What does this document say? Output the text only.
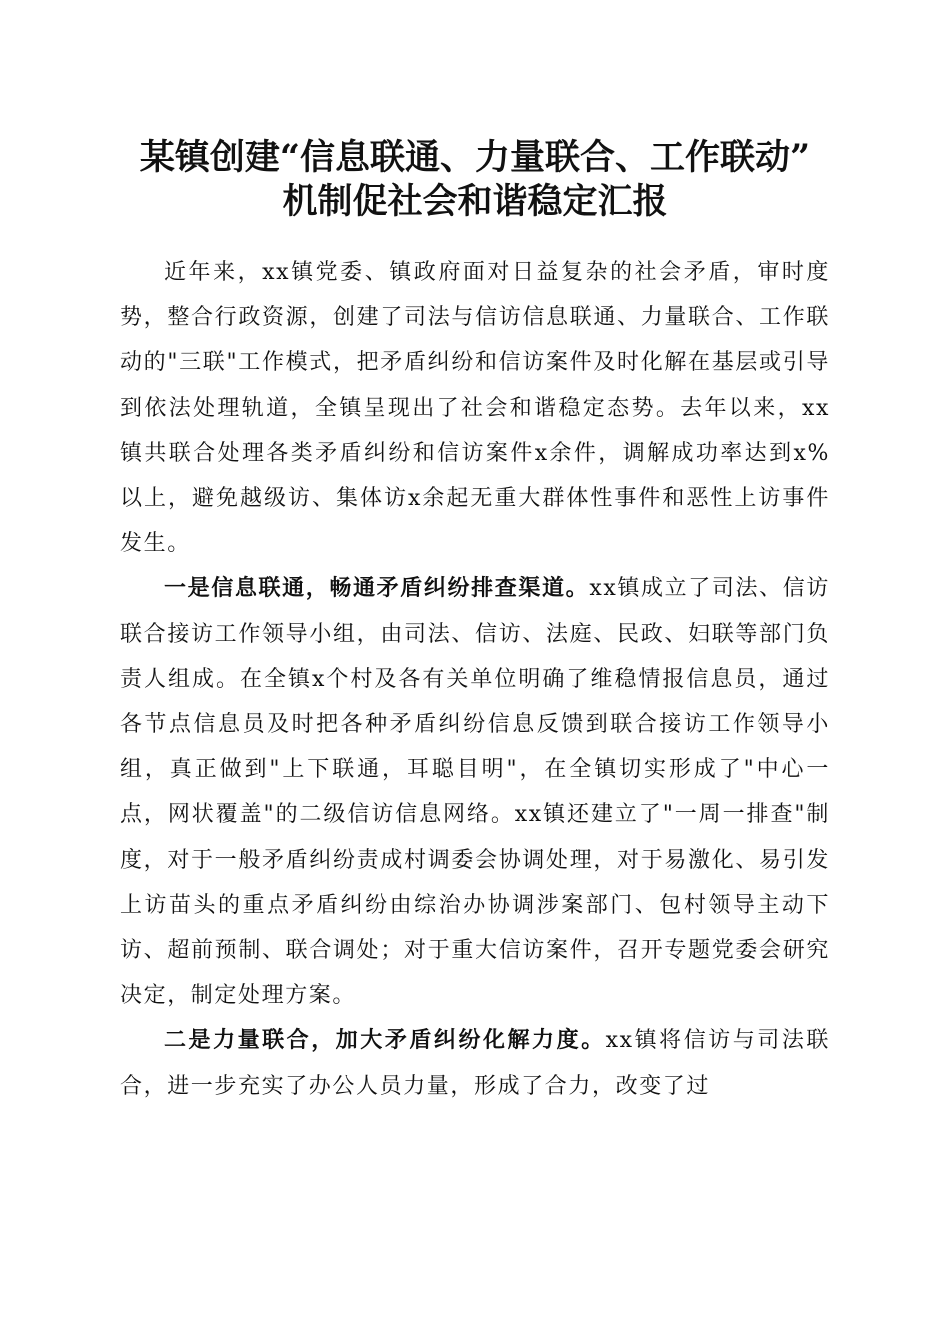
某镇创建“信息联通、力量联合、工作联动”
机制促社会和谐稳定汇报

近年来，xx镇党委、镇政府面对日益复杂的社会矛盾，审时度势，整合行政资源，创建了司法与信访信息联通、力量联合、工作联动的"三联"工作模式，把矛盾纠纷和信访案件及时化解在基层或引导到依法处理轨道，全镇呈现出了社会和谐稳定态势。去年以来，xx镇共联合处理各类矛盾纠纷和信访案件x余件，调解成功率达到x%以上，避免越级访、集体访x余起无重大群体性事件和恶性上访事件发生。

一是信息联通，畅通矛盾纠纷排查渠道。xx镇成立了司法、信访联合接访工作领导小组，由司法、信访、法庭、民政、妇联等部门负责人组成。在全镇x个村及各有关单位明确了维稳情报信息员，通过各节点信息员及时把各种矛盾纠纷信息反馈到联合接访工作领导小组，真正做到"上下联通，耳聪目明"，在全镇切实形成了"中心一点，网状覆盖"的二级信访信息网络。xx镇还建立了"一周一排查"制度，对于一般矛盾纠纷责成村调委会协调处理，对于易激化、易引发上访苗头的重点矛盾纠纷由综治办协调涉案部门、包村领导主动下访、超前预制、联合调处；对于重大信访案件，召开专题党委会研究决定，制定处理方案。

二是力量联合，加大矛盾纠纷化解力度。xx镇将信访与司法联合，进一步充实了办公人员力量，形成了合力，改变了过
